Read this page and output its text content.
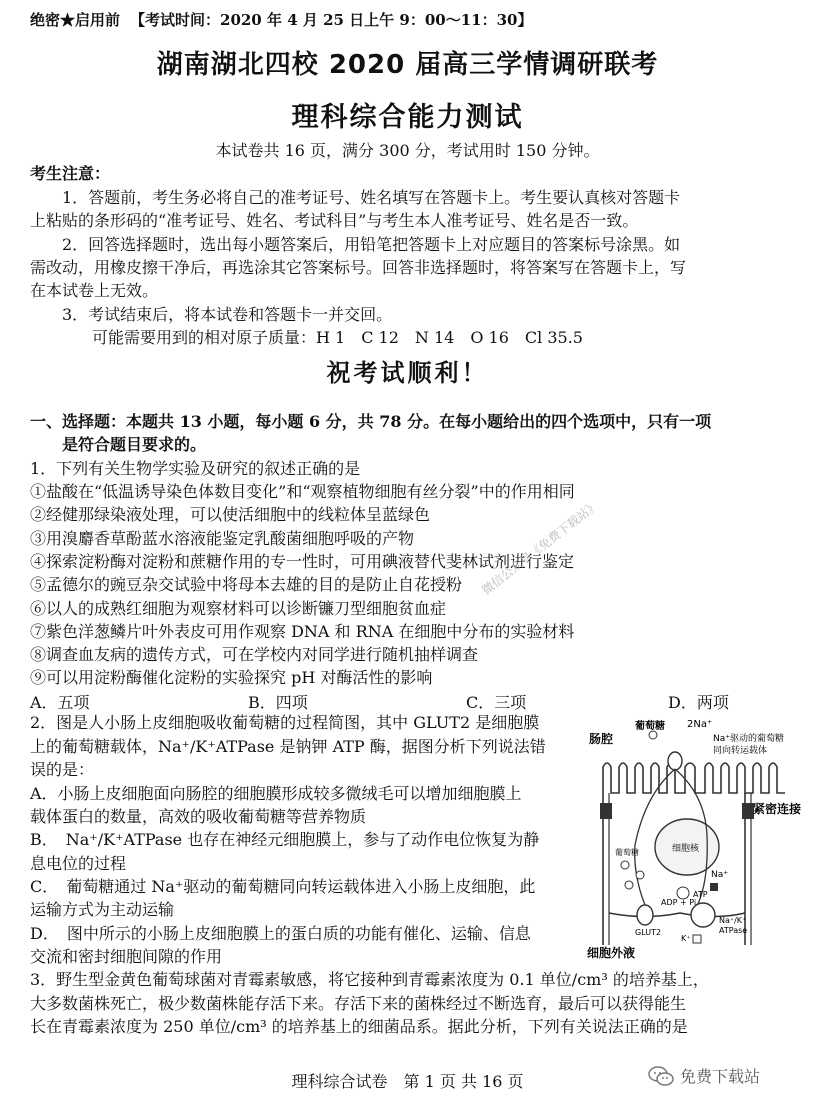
绝密★启用前 【考试时间：2020 年 4 月 25 日上午 9：00～11：30】
湖南湖北四校 2020 届高三学情调研联考
理科综合能力测试
本试卷共 16 页，满分 300 分，考试用时 150 分钟。
考生注意：
1．答题前，考生务必将自己的准考证号、姓名填写在答题卡上。考生要认真核对答题卡
上粘贴的条形码的“准考证号、姓名、考试科目”与考生本人准考证号、姓名是否一致。
2．回答选择题时，选出每小题答案后，用铅笔把答题卡上对应题目的答案标号涂黑。如
需改动，用橡皮擦干净后，再选涂其它答案标号。回答非选择题时，将答案写在答题卡上，写
在本试卷上无效。
3．考试结束后，将本试卷和答题卡一并交回。
可能需要用到的相对原子质量：H 1　C 12　N 14　O 16　Cl 35.5
祝考试顺利！
一、选择题：本题共 13 小题，每小题 6 分，共 78 分。在每小题给出的四个选项中，只有一项
是符合题目要求的。
1．下列有关生物学实验及研究的叙述正确的是
①盐酸在“低温诱导染色体数目变化”和“观察植物细胞有丝分裂”中的作用相同
②经健那绿染液处理，可以使活细胞中的线粒体呈蓝绿色
③用溴麝香草酚蓝水溶液能鉴定乳酸菌细胞呼吸的产物
④探索淀粉酶对淀粉和蔗糖作用的专一性时，可用碘液替代斐林试剂进行鉴定
⑤孟德尔的豌豆杂交试验中将母本去雄的目的是防止自花授粉
⑥以人的成熟红细胞为观察材料可以诊断镰刀型细胞贫血症
⑦紫色洋葱鳞片叶外表皮可用作观察 DNA 和 RNA 在细胞中分布的实验材料
⑧调查血友病的遗传方式，可在学校内对同学进行随机抽样调查
⑨可以用淀粉酶催化淀粉的实验探究 pH 对酶活性的影响
A．五项	B．四项	C．三项	D．两项
2．图是人小肠上皮细胞吸收葡萄糖的过程简图，其中 GLUT2 是细胞膜
上的葡萄糖载体，Na⁺/K⁺ATPase 是钠钾 ATP 酶，据图分析下列说法错
误的是：
A．小肠上皮细胞面向肠腔的细胞膜形成较多微绒毛可以增加细胞膜上
载体蛋白的数量，高效的吸收葡萄糖等营养物质
B．　Na⁺/K⁺ATPase 也存在神经元细胞膜上，参与了动作电位恢复为静
息电位的过程
C．　葡萄糖通过 Na⁺驱动的葡萄糖同向转运载体进入小肠上皮细胞，此
运输方式为主动运输
D．　图中所示的小肠上皮细胞膜上的蛋白质的功能有催化、运输、信息
交流和密封细胞间隙的作用
肠腔
葡萄糖 2Na⁺
Na⁺驱动的葡萄糖
同向转运载体
紧密连接
细胞核
葡萄糖
Na⁺
ADP + Pi
ATP
Na⁺/K⁺
ATPase
GLUT2
K⁺
细胞外液
3．野生型金黄色葡萄球菌对青霉素敏感，将它接种到青霉素浓度为 0.1 单位/cm³ 的培养基上，
大多数菌株死亡，极少数菌株能存活下来。存活下来的菌株经过不断选育，最后可以获得能生
长在青霉素浓度为 250 单位/cm³ 的培养基上的细菌品系。据此分析，下列有关说法正确的是
微信公众号《免费下载站》
理科综合试卷　第 1 页 共 16 页	免费下载站
